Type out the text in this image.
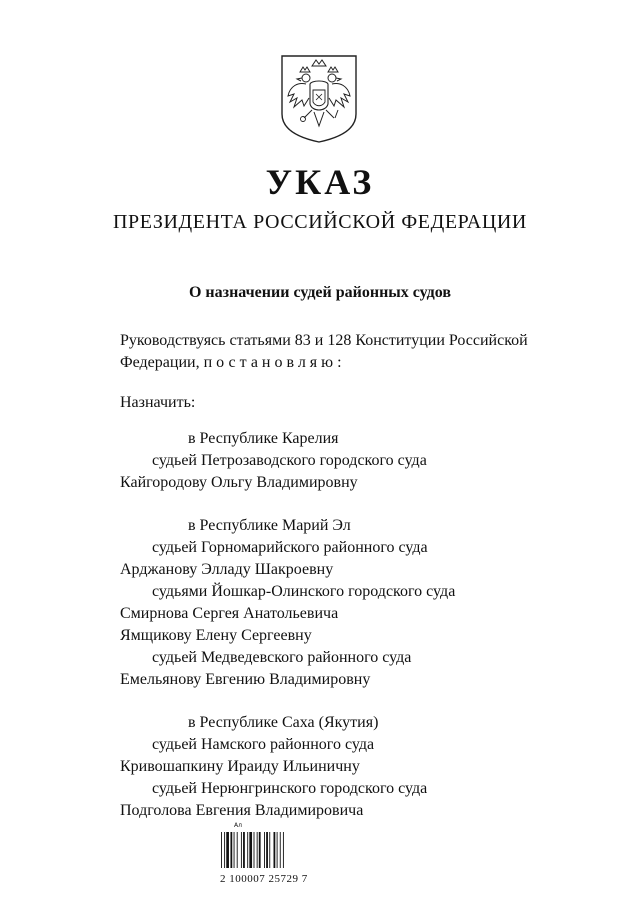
УКАЗ
ПРЕЗИДЕНТА РОССИЙСКОЙ ФЕДЕРАЦИИ
О назначении судей районных судов
Руководствуясь статьями 83 и 128 Конституции Российской
Федерации, постановляю:
Назначить:
в Республике Карелия
судьей Петрозаводского городского суда
Кайгородову Ольгу Владимировну
в Республике Марий Эл
судьей Горномарийского районного суда
Арджанову Элладу Шакроевну
судьями Йошкар-Олинского городского суда
Смирнова Сергея Анатольевича
Ямщикову Елену Сергеевну
судьей Медведевского районного суда
Емельянову Евгению Владимировну
в Республике Саха (Якутия)
судьей Намского районного суда
Кривошапкину Ираиду Ильиничну
судьей Нерюнгринского городского суда
Подголова Евгения Владимировича
Ал
2 100007 25729 7
